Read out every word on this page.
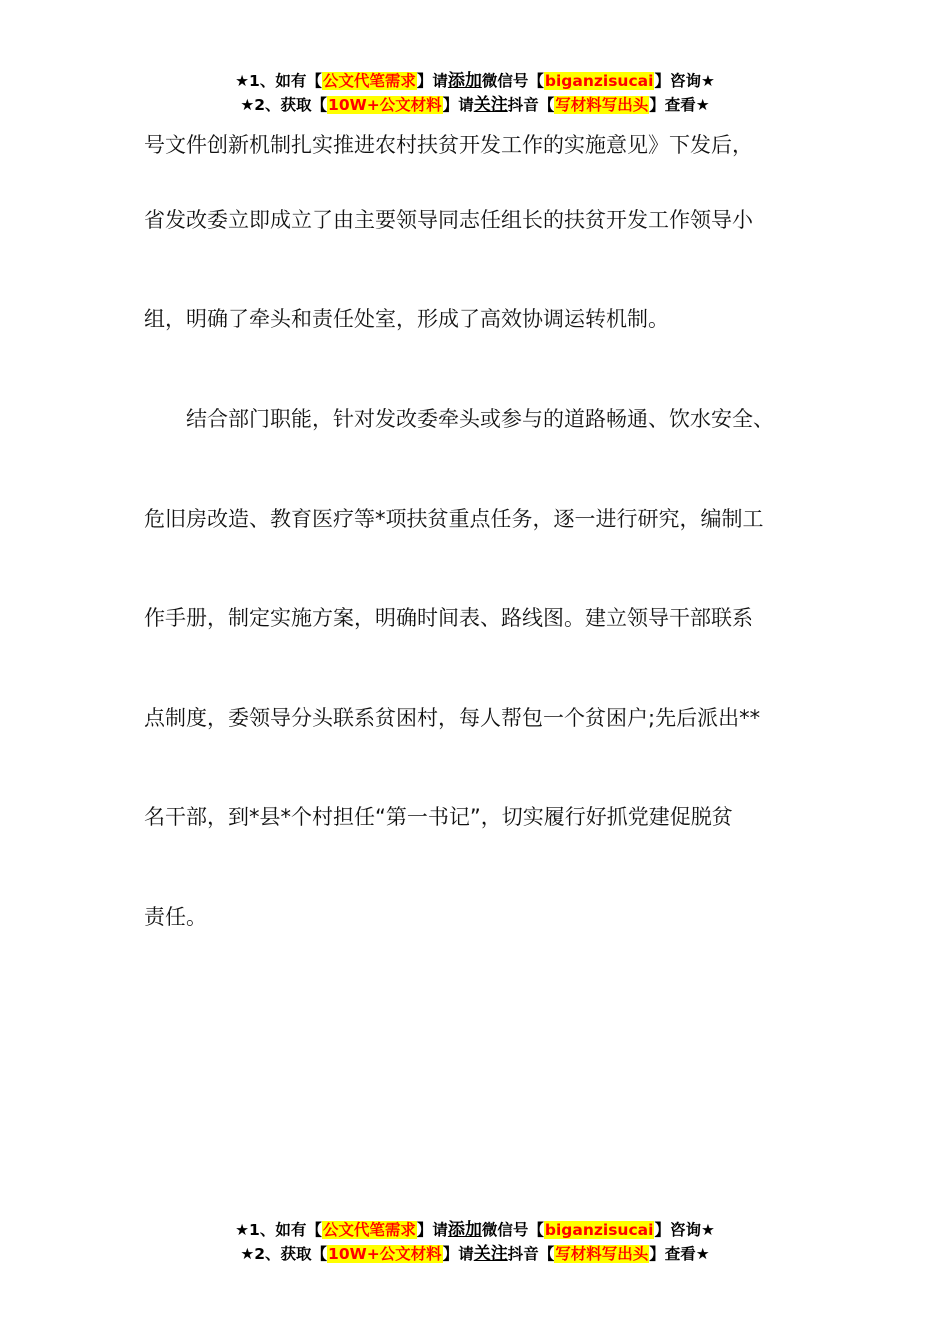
★1、如有【公文代笔需求】请添加微信号【biganzisucai】咨询★
★2、获取【10W+公文材料】请关注抖音【写材料写出头】查看★

号文件创新机制扎实推进农村扶贫开发工作的实施意见》下发后，

省发改委立即成立了由主要领导同志任组长的扶贫开发工作领导小

组，明确了牵头和责任处室，形成了高效协调运转机制。

　　结合部门职能，针对发改委牵头或参与的道路畅通、饮水安全、

危旧房改造、教育医疗等*项扶贫重点任务，逐一进行研究，编制工

作手册，制定实施方案，明确时间表、路线图。建立领导干部联系

点制度，委领导分头联系贫困村，每人帮包一个贫困户;先后派出**

名干部，到*县*个村担任“第一书记”，切实履行好抓党建促脱贫

责任。

★1、如有【公文代笔需求】请添加微信号【biganzisucai】咨询★
★2、获取【10W+公文材料】请关注抖音【写材料写出头】查看★
